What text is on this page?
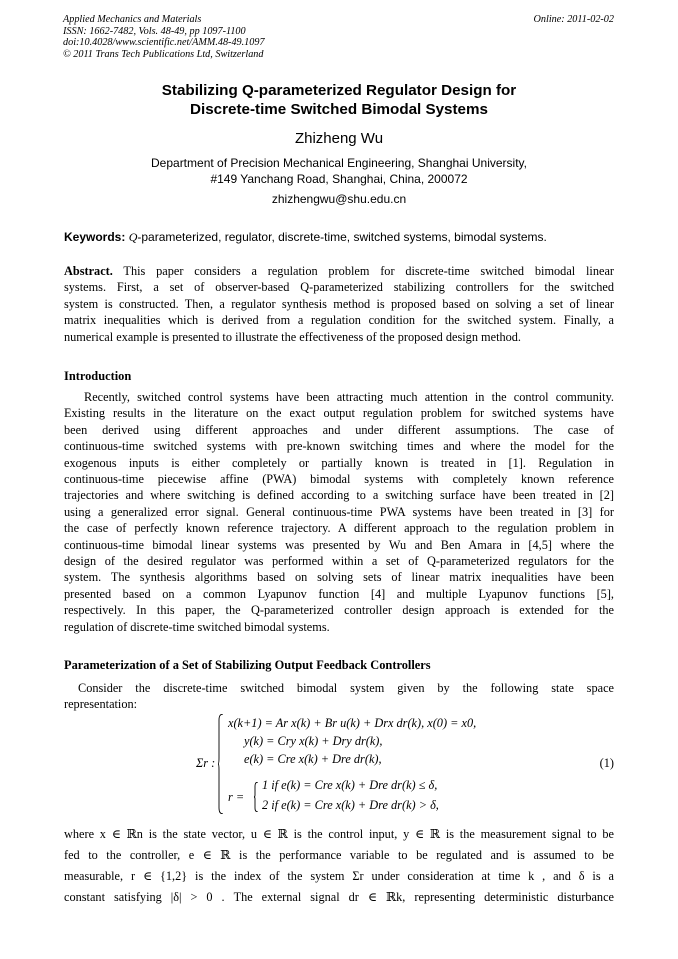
Applied Mechanics and Materials
ISSN: 1662-7482, Vols. 48-49, pp 1097-1100
doi:10.4028/www.scientific.net/AMM.48-49.1097
© 2011 Trans Tech Publications Ltd, Switzerland
Online: 2011-02-02
Stabilizing Q-parameterized Regulator Design for
Discrete-time Switched Bimodal Systems
Zhizheng Wu
Department of Precision Mechanical Engineering, Shanghai University,
#149 Yanchang Road, Shanghai, China, 200072
zhizhengwu@shu.edu.cn
Keywords: Q-parameterized, regulator, discrete-time, switched systems, bimodal systems.
Abstract. This paper considers a regulation problem for discrete-time switched bimodal linear
systems. First, a set of observer-based Q-parameterized stabilizing controllers for the switched
system is constructed. Then, a regulator synthesis method is proposed based on solving a set of linear
matrix inequalities which is derived from a regulation condition for the switched system. Finally, a
numerical example is presented to illustrate the effectiveness of the proposed design method.
Introduction
Recently, switched control systems have been attracting much attention in the control community.
Existing results in the literature on the exact output regulation problem for switched systems have
been derived using different approaches and under different assumptions. The case of
continuous-time switched systems with pre-known switching times and where the model for the
exogenous inputs is either completely or partially known is treated in [1]. Regulation in
continuous-time piecewise affine (PWA) bimodal systems with completely known reference
trajectories and where switching is defined according to a switching surface have been treated in [2]
using a generalized error signal. General continuous-time PWA systems have been treated in [3] for
the case of perfectly known reference trajectory. A different approach to the regulation problem in
continuous-time bimodal linear systems was presented by Wu and Ben Amara in [4,5] where the
design of the desired regulator was performed within a set of Q-parameterized regulators for the
system. The synthesis algorithms based on solving sets of linear matrix inequalities have been
presented based on a common Lyapunov function [4] and multiple Lyapunov functions [5],
respectively. In this paper, the Q-parameterized controller design approach is extended for the
regulation of discrete-time switched bimodal systems.
Parameterization of a Set of Stabilizing Output Feedback Controllers
Consider the discrete-time switched bimodal system given by the following state space
representation:
Σr :
x(k+1) = Ar x(k) + Br u(k) + Drx dr(k), x(0) = x0,
y(k) = Cry x(k) + Dry dr(k),
e(k) = Cre x(k) + Dre dr(k),
r =
1 if e(k) = Cre x(k) + Dre dr(k) ≤ δ,
2 if e(k) = Cre x(k) + Dre dr(k) > δ,
(1)
where x ∈ ℝn is the state vector, u ∈ ℝ is the control input, y ∈ ℝ is the measurement signal to be
fed to the controller, e ∈ ℝ is the performance variable to be regulated and is assumed to be
measurable, r ∈ {1,2} is the index of the system Σr under consideration at time k , and δ is a
constant satisfying |δ| > 0 . The external signal dr ∈ ℝk, representing deterministic disturbance
